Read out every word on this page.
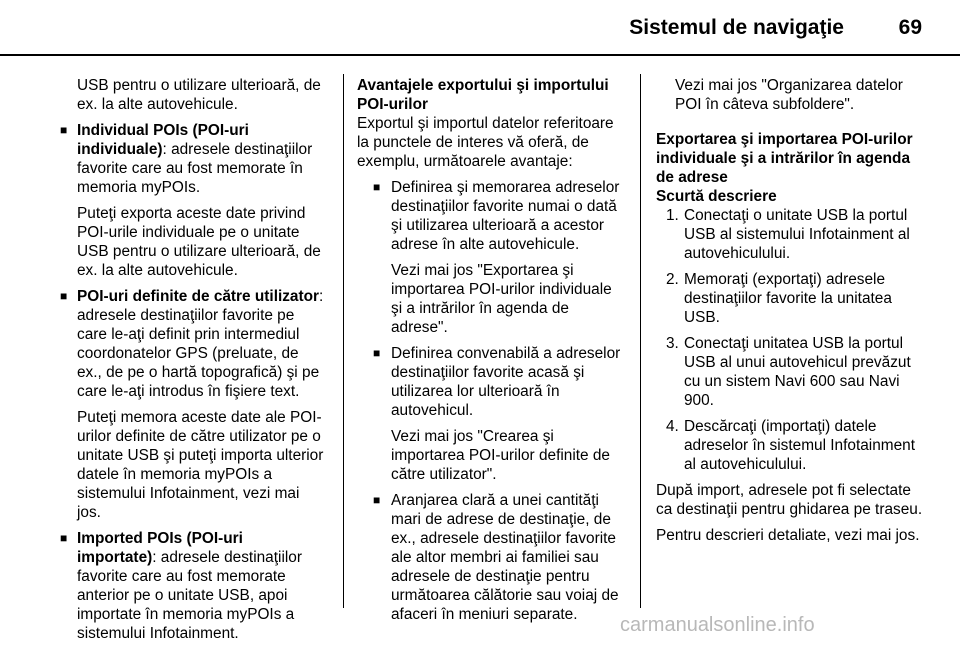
Sistemul de navigaţie	69

USB pentru o utilizare ulterioară, de ex. la alte autovehicule.

■ Individual POIs (POI-uri individuale): adresele destinaţiilor favorite care au fost memorate în memoria myPOIs.

Puteţi exporta aceste date privind POI-urile individuale pe o unitate USB pentru o utilizare ulterioară, de ex. la alte autovehicule.

■ POI-uri definite de către utilizator: adresele destinaţiilor favorite pe care le-aţi definit prin intermediul coordonatelor GPS (preluate, de ex., de pe o hartă topografică) şi pe care le-aţi introdus în fişiere text.

Puteţi memora aceste date ale POI-urilor definite de către utilizator pe o unitate USB şi puteţi importa ulterior datele în memoria myPOIs a sistemului Infotainment, vezi mai jos.

■ Imported POIs (POI-uri importate): adresele destinaţiilor favorite care au fost memorate anterior pe o unitate USB, apoi importate în memoria myPOIs a sistemului Infotainment.

Avantajele exportului şi importului POI-urilor

Exportul şi importul datelor referitoare la punctele de interes vă oferă, de exemplu, următoarele avantaje:

■ Definirea şi memorarea adreselor destinaţiilor favorite numai o dată şi utilizarea ulterioară a acestor adrese în alte autovehicule.

Vezi mai jos "Exportarea şi importarea POI-urilor individuale şi a intrărilor în agenda de adrese".

■ Definirea convenabilă a adreselor destinaţiilor favorite acasă şi utilizarea lor ulterioară în autovehicul.

Vezi mai jos "Crearea şi importarea POI-urilor definite de către utilizator".

■ Aranjarea clară a unei cantităţi mari de adrese de destinaţie, de ex., adresele destinaţiilor favorite ale altor membri ai familiei sau adresele de destinaţie pentru următoarea călătorie sau voiaj de afaceri în meniuri separate.

Vezi mai jos "Organizarea datelor POI în câteva subfoldere".

Exportarea şi importarea POI-urilor individuale şi a intrărilor în agenda de adrese

Scurtă descriere

1. Conectaţi o unitate USB la portul USB al sistemului Infotainment al autovehiculului.
2. Memoraţi (exportaţi) adresele destinaţiilor favorite la unitatea USB.
3. Conectaţi unitatea USB la portul USB al unui autovehicul prevăzut cu un sistem Navi 600 sau Navi 900.
4. Descărcaţi (importaţi) datele adreselor în sistemul Infotainment al autovehiculului.

După import, adresele pot fi selectate ca destinaţii pentru ghidarea pe traseu.

Pentru descrieri detaliate, vezi mai jos.

carmanualsonline.info
